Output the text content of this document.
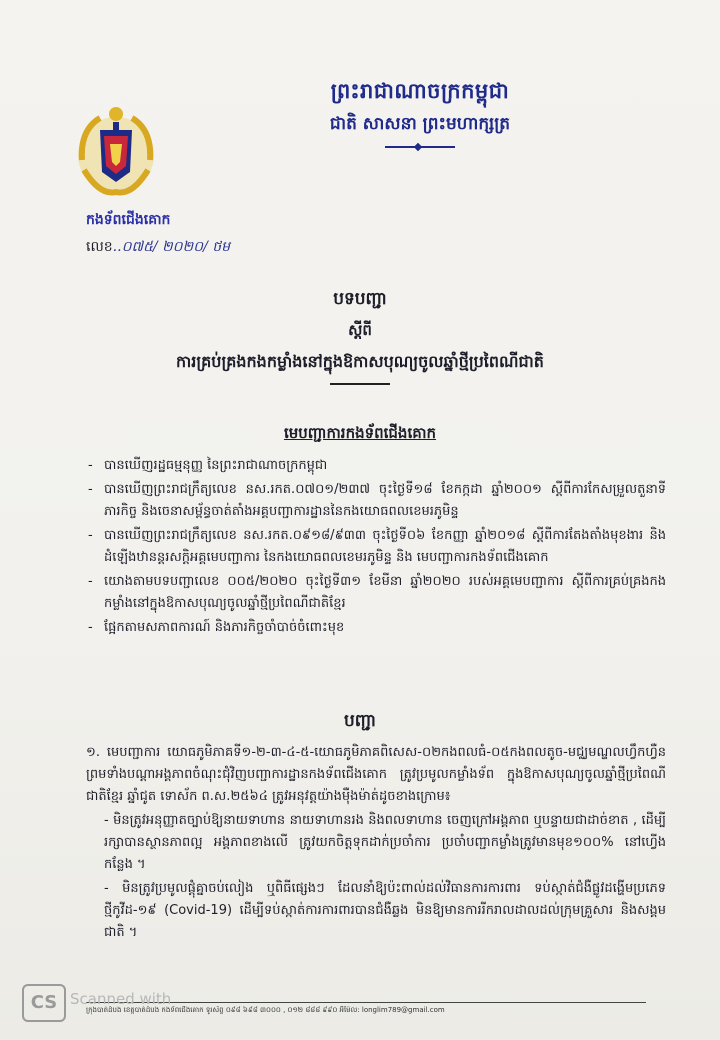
ព្រះរាជាណាចក្រកម្ពុជា
ជាតិ សាសនា ព្រះមហាក្សត្រ
កងទ័ពជើងគោក
លេខ..០៧៥/ ២០២០/ ថម
បទបញ្ជា
ស្តីពី
ការគ្រប់គ្រងកងកម្លាំងនៅក្នុងឱកាសបុណ្យចូលឆ្នាំថ្មីប្រពៃណីជាតិ
មេបញ្ជាការកងទ័ពជើងគោក
- បានឃើញរដ្ឋធម្មនុញ្ញ នៃព្រះរាជាណាចក្រកម្ពុជា
- បានឃើញព្រះរាជក្រឹត្យលេខ នស.រកត.០៧០១/២៣៧ ចុះថ្ងៃទី១៨ ខែកក្កដា ឆ្នាំ២០០១ ស្តីពីការកែសម្រួលតួនាទីភារកិច្ច និងចេនាសម្ព័ន្ធចាត់តាំងអគ្គបញ្ជាការដ្ឋាននៃកងយោធពលខេមរភូមិន្ទ
- បានឃើញព្រះរាជក្រឹត្យលេខ នស.រកត.០៩១៨/៩៣៣ ចុះថ្ងៃទី០៦ ខែកញ្ញា ឆ្នាំ២០១៨ ស្តីពីការតែងតាំងមុខងារ និងដំឡើងឋានន្តរសក្តិអគ្គមេបញ្ជាការ នៃកងយោធពលខេមរភូមិន្ទ និង មេបញ្ជាការកងទ័ពជើងគោក
- យោងតាមបទបញ្ជាលេខ ០០៥/២០២០ ចុះថ្ងៃទី៣១ ខែមីនា ឆ្នាំ២០២០ របស់អគ្គមេបញ្ជាការ ស្តីពីការគ្រប់គ្រងកងកម្លាំងនៅក្នុងឱកាសបុណ្យចូលឆ្នាំថ្មីប្រពៃណីជាតិខ្មែរ
- ផ្អែកតាមសភាពការណ៍ និងភារកិច្ចចាំបាច់ចំពោះមុខ
បញ្ជា

១. មេបញ្ជាការ យោធភូមិភាគទី១-២-៣-៤-៥-យោធភូមិភាគពិសេស-០២កងពលធំ-០៥កងពលតូច-មជ្ឈមណ្ឌលហ្វឹកហ្វឺន ព្រមទាំងបណ្តាអង្គភាពចំណុះជុំវិញបញ្ជាការដ្ឋានកងទ័ពជើងគោក ត្រូវប្រមូលកម្លាំងទ័ព ក្នុងឱកាសបុណ្យចូលឆ្នាំថ្មីប្រពៃណីជាតិខ្មែរ ឆ្នាំជូត ទោស័ក ព.ស.២៥៦៤ ត្រូវអនុវត្តយ៉ាងម៉ឺងម៉ាត់ដូចខាងក្រោម៖

- មិនត្រូវអនុញ្ញាតច្បាប់ឱ្យនាយទាហាន នាយទាហានរង និងពលទាហាន ចេញក្រៅអង្គភាព ឬបន្ទាយជាដាច់ខាត , ដើម្បីរក្សាបានស្ថានភាពល្អ អង្គភាពខាងលើ ត្រូវយកចិត្តទុកដាក់ប្រចាំការ ប្រចាំបញ្ជាកម្លាំងត្រូវមានមុខ១០០% នៅហ្វើងកន្លែង ។

- មិនត្រូវប្រមូលផ្តុំគ្នាចប់លៀង ឬពិធីផ្សេងៗ ដែលនាំឱ្យប៉ះពាល់ដល់វិធានការការពារ ទប់ស្កាត់ជំងឺផ្លូវដង្ហើមប្រភេទថ្មីកូវីដ-១៩ (Covid-19) ដើម្បីទប់ស្កាត់ការការពារបានជំងឺឆ្លង មិនឱ្យមានការរីករាលដាលដល់ក្រុមគ្រួសារ និងសង្គមជាតិ ។

ក្រុងបាត់ដំបង ខេត្តបាត់ដំបង កងទ័ពជើងគោក ទូរស័ព្ទ ០៩៨ ៦៩៨ ៣០០០ , ០១២ ៨៨៨ ៩៩០ អ៊ីម៉ែល: longlim789@gmail.com
CS Scanned with
